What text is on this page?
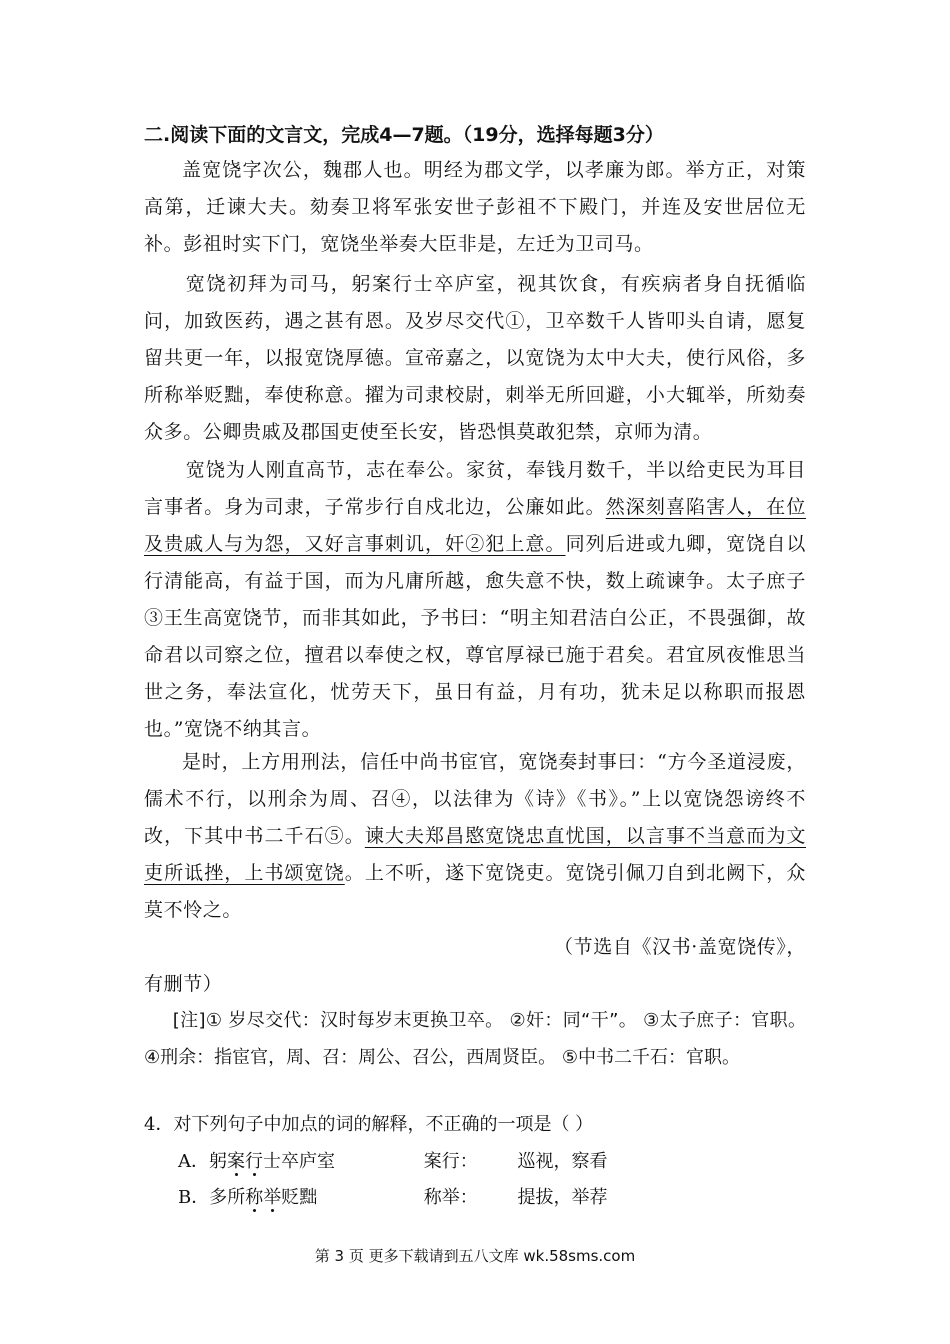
二.阅读下面的文言文，完成4—7题。（19分，选择每题3分）
盖宽饶字次公，魏郡人也。明经为郡文学，以孝廉为郎。举方正，对策高第，迁谏大夫。劾奏卫将军张安世子彭祖不下殿门，并连及安世居位无补。彭祖时实下门，宽饶坐举奏大臣非是，左迁为卫司马。
宽饶初拜为司马，躬案行士卒庐室，视其饮食，有疾病者身自抚循临问，加致医药，遇之甚有恩。及岁尽交代①，卫卒数千人皆叩头自请，愿复留共更一年，以报宽饶厚德。宣帝嘉之，以宽饶为太中大夫，使行风俗，多所称举贬黜，奉使称意。擢为司隶校尉，刺举无所回避，小大辄举，所劾奏众多。公卿贵戚及郡国吏使至长安，皆恐惧莫敢犯禁，京师为清。
宽饶为人刚直高节，志在奉公。家贫，奉钱月数千，半以给吏民为耳目言事者。身为司隶，子常步行自戍北边，公廉如此。然深刻喜陷害人，在位及贵戚人与为怨，又好言事刺讥，奸②犯上意。同列后进或九卿，宽饶自以行清能高，有益于国，而为凡庸所越，愈失意不快，数上疏谏争。太子庶子③王生高宽饶节，而非其如此，予书曰：“明主知君洁白公正，不畏强御，故命君以司察之位，擅君以奉使之权，尊官厚禄已施于君矣。君宜夙夜惟思当世之务，奉法宣化，忧劳天下，虽日有益，月有功，犹未足以称职而报恩也。”宽饶不纳其言。
是时，上方用刑法，信任中尚书宦官，宽饶奏封事曰：“方今圣道浸废，儒术不行，以刑余为周、召④，以法律为《诗》《书》。”上以宽饶怨谤终不改，下其中书二千石⑤。谏大夫郑昌愍宽饶忠直忧国，以言事不当意而为文吏所诋挫，上书颂宽饶。上不听，遂下宽饶吏。宽饶引佩刀自到北阙下，众莫不怜之。
（节选自《汉书·盖宽饶传》，
有删节）
[注]① 岁尽交代：汉时每岁末更换卫卒。 ②奸：同“干”。 ③太子庶子：官职。 ④刑余：指宦官，周、召：周公、召公，西周贤臣。 ⑤中书二千石：官职。
4．对下列句子中加点的词的解释，不正确的一项是（ ）
A．躬案行士卒庐室	案行： 巡视，察看
B．多所称举贬黜	称举： 提拔，举荐
第 3 页 更多下载请到五八文库 wk.58sms.com
